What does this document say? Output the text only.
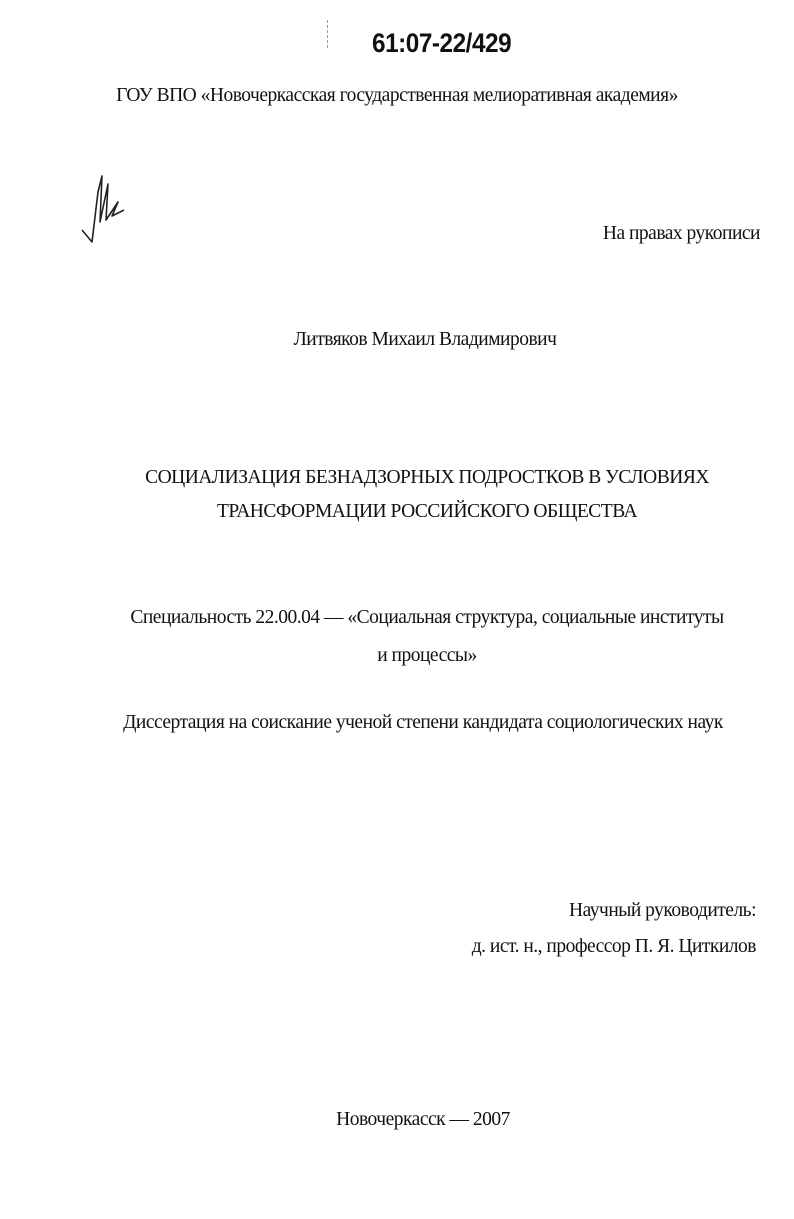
61:07-22/429
ГОУ ВПО «Новочеркасская государственная мелиоративная академия»
На правах рукописи
Литвяков Михаил Владимирович
СОЦИАЛИЗАЦИЯ БЕЗНАДЗОРНЫХ ПОДРОСТКОВ В УСЛОВИЯХ
ТРАНСФОРМАЦИИ РОССИЙСКОГО ОБЩЕСТВА
Специальность 22.00.04 — «Социальная структура, социальные институты
и процессы»
Диссертация на соискание ученой степени кандидата социологических наук
Научный руководитель:
д. ист. н., профессор П. Я. Циткилов
Новочеркасск — 2007
